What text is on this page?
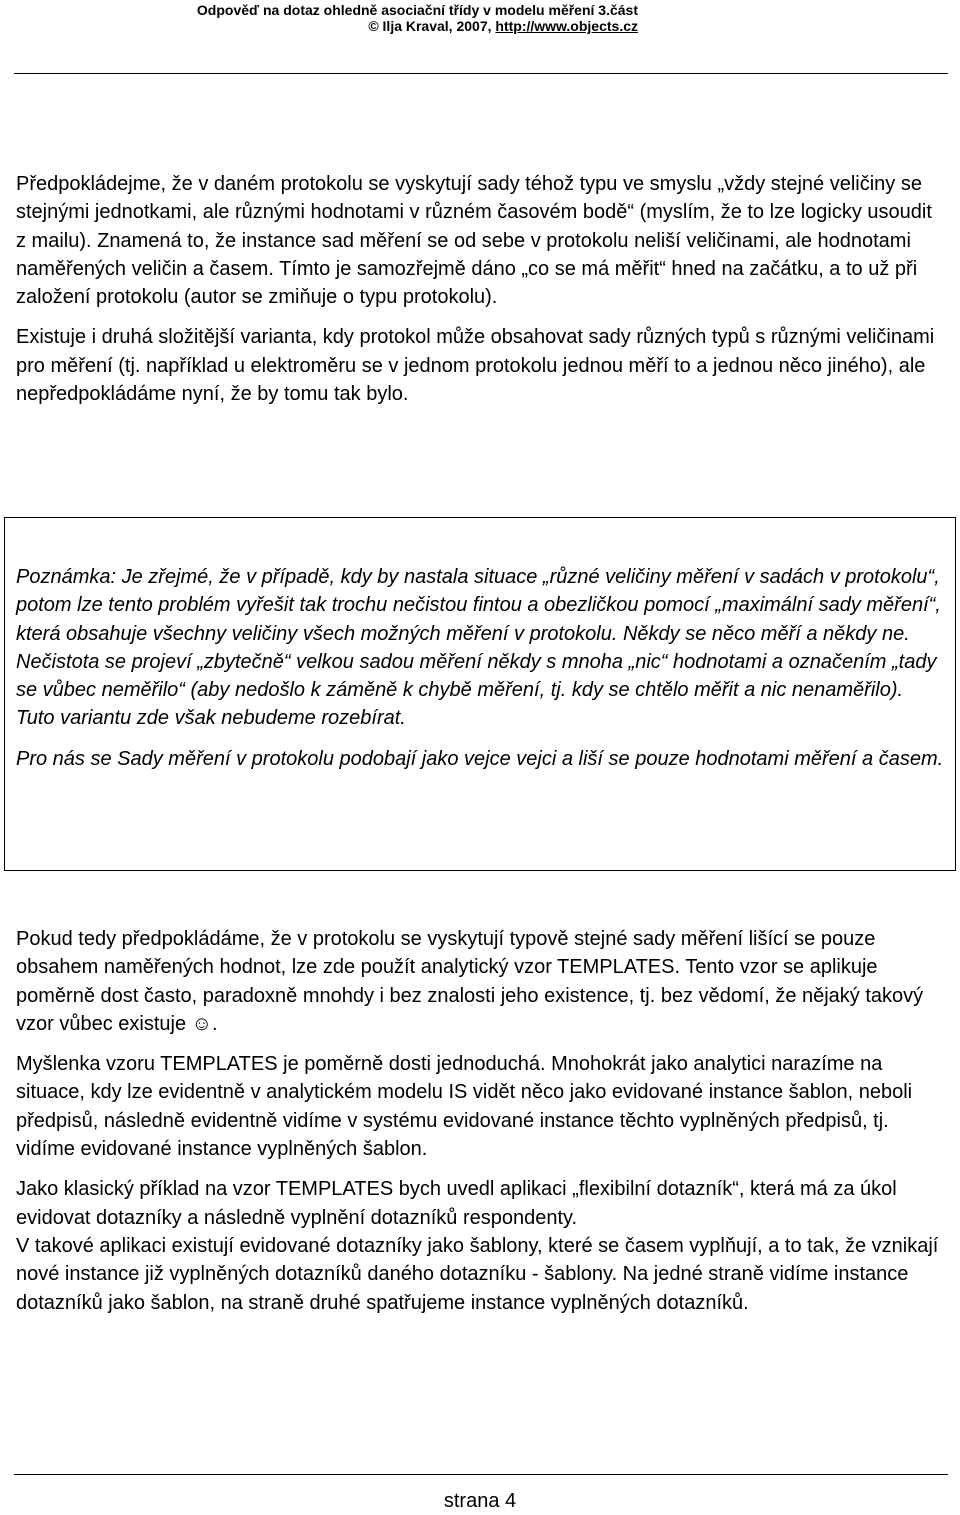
Odpověď na dotaz ohledně asociační třídy v modelu měření 3.část
© Ilja Kraval, 2007, http://www.objects.cz

Předpokládejme, že v daném protokolu se vyskytují sady téhož typu ve smyslu „vždy stejné veličiny se stejnými jednotkami, ale různými hodnotami v různém časovém bodě“ (myslím, že to lze logicky usoudit z mailu). Znamená to, že instance sad měření se od sebe v protokolu neliší veličinami, ale hodnotami naměřených veličin a časem. Tímto je samozřejmě dáno „co se má měřit“ hned na začátku, a to už při založení protokolu (autor se zmiňuje o typu protokolu).

Existuje i druhá složitější varianta, kdy protokol může obsahovat sady různých typů s různými veličinami pro měření (tj. například u elektroměru se v jednom protokolu jednou měří to a jednou něco jiného), ale nepředpokládáme nyní, že by tomu tak bylo.

Poznámka: Je zřejmé, že v případě, kdy by nastala situace „různé veličiny měření v sadách v protokolu“, potom lze tento problém vyřešit tak trochu nečistou fintou a obezličkou pomocí „maximální sady měření“, která obsahuje všechny veličiny všech možných měření v protokolu. Někdy se něco měří a někdy ne. Nečistota se projeví „zbytečně“ velkou sadou měření někdy s mnoha „nic“ hodnotami a označením „tady se vůbec neměřilo“ (aby nedošlo k záměně k chybě měření, tj. kdy se chtělo měřit a nic nenaměřilo). Tuto variantu zde však nebudeme rozebírat.

Pro nás se Sady měření v protokolu podobají jako vejce vejci a liší se pouze hodnotami měření a časem.

Pokud tedy předpokládáme, že v protokolu se vyskytují typově stejné sady měření lišící se pouze obsahem naměřených hodnot, lze zde použít analytický vzor TEMPLATES. Tento vzor se aplikuje poměrně dost často, paradoxně mnohdy i bez znalosti jeho existence, tj. bez vědomí, že nějaký takový vzor vůbec existuje ☺.

Myšlenka vzoru TEMPLATES je poměrně dosti jednoduchá. Mnohokrát jako analytici narazíme na situace, kdy lze evidentně v analytickém modelu IS vidět něco jako evidované instance šablon, neboli předpisů, následně evidentně vidíme v systému evidované instance těchto vyplněných předpisů, tj. vidíme evidované instance vyplněných šablon.

Jako klasický příklad na vzor TEMPLATES bych uvedl aplikaci „flexibilní dotazník“, která má za úkol evidovat dotazníky a následně vyplnění dotazníků respondenty.

V takové aplikaci existují evidované dotazníky jako šablony, které se časem vyplňují, a to tak, že vznikají nové instance již vyplněných dotazníků daného dotazníku - šablony. Na jedné straně vidíme instance dotazníků jako šablon, na straně druhé spatřujeme instance vyplněných dotazníků.

strana 4
